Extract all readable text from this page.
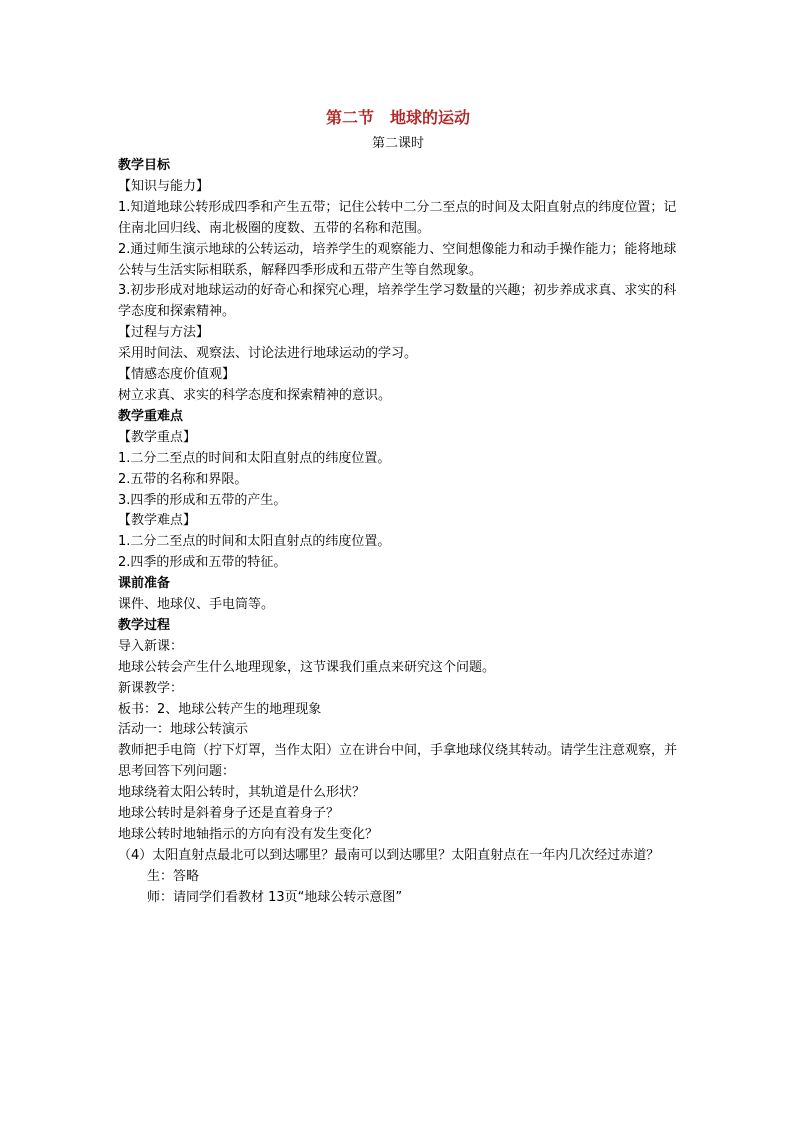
第二节　地球的运动
第二课时
教学目标
【知识与能力】
1.知道地球公转形成四季和产生五带；记住公转中二分二至点的时间及太阳直射点的纬度位置；记住南北回归线、南北极圈的度数、五带的名称和范围。
2.通过师生演示地球的公转运动，培养学生的观察能力、空间想像能力和动手操作能力；能将地球公转与生活实际相联系，解释四季形成和五带产生等自然现象。
3.初步形成对地球运动的好奇心和探究心理，培养学生学习数量的兴趣；初步养成求真、求实的科学态度和探索精神。
【过程与方法】
采用时间法、观察法、讨论法进行地球运动的学习。
【情感态度价值观】
树立求真、求实的科学态度和探索精神的意识。
教学重难点
【教学重点】
1.二分二至点的时间和太阳直射点的纬度位置。
2.五带的名称和界限。
3.四季的形成和五带的产生。
【教学难点】
1.二分二至点的时间和太阳直射点的纬度位置。
2.四季的形成和五带的特征。
课前准备
课件、地球仪、手电筒等。
教学过程
导入新课：
地球公转会产生什么地理现象，这节课我们重点来研究这个问题。
新课教学：
板书：2、地球公转产生的地理现象
活动一：地球公转演示
教师把手电筒（拧下灯罩，当作太阳）立在讲台中间，手拿地球仪绕其转动。请学生注意观察，并思考回答下列问题：
地球绕着太阳公转时，其轨道是什么形状？
地球公转时是斜着身子还是直着身子？
地球公转时地轴指示的方向有没有发生变化？
（4）太阳直射点最北可以到达哪里？最南可以到达哪里？太阳直射点在一年内几次经过赤道？
生：答略
师：请同学们看教材 13页“地球公转示意图”
